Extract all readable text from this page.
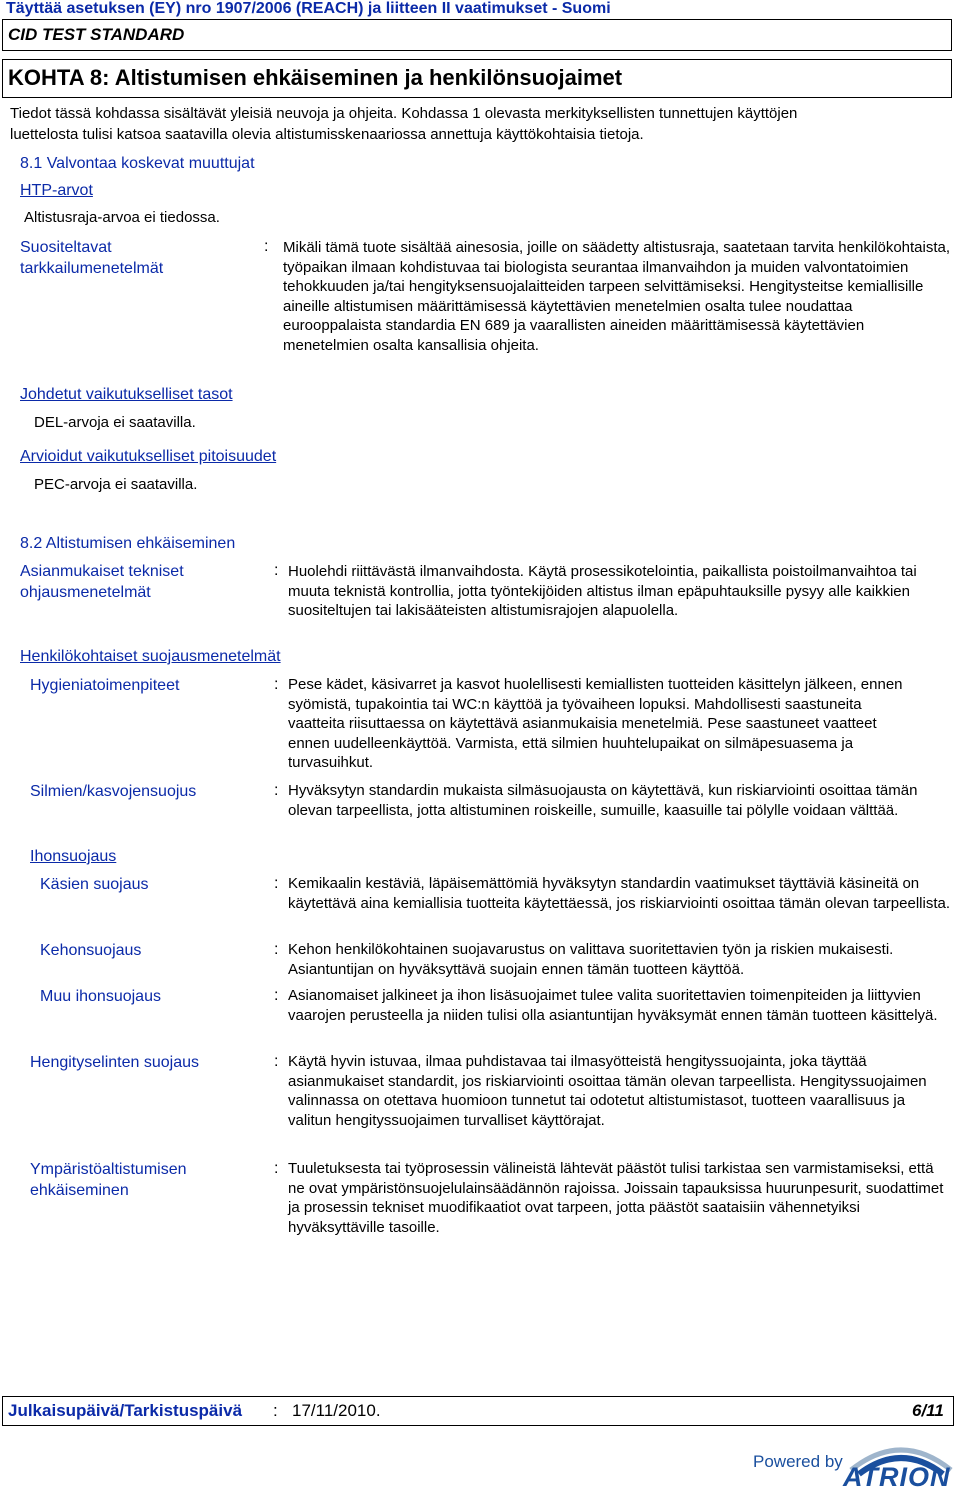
Täyttää asetuksen (EY) nro 1907/2006 (REACH) ja liitteen II vaatimukset - Suomi
CID TEST STANDARD
KOHTA 8: Altistumisen ehkäiseminen ja henkilönsuojaimet
Tiedot tässä kohdassa sisältävät yleisiä neuvoja ja ohjeita. Kohdassa 1 olevasta merkityksellisten tunnettujen käyttöjen
luettelosta tulisi katsoa saatavilla olevia altistumisskenaariossa annettuja käyttökohtaisia tietoja.
8.1 Valvontaa koskevat muuttujat
HTP-arvot
Altistusraja-arvoa ei tiedossa.
Suositeltavat tarkkailumenetelmät
: Mikäli tämä tuote sisältää ainesosia, joille on säädetty altistusraja, saatetaan tarvita henkilökohtaista, työpaikan ilmaan kohdistuvaa tai biologista seurantaa ilmanvaihdon ja muiden valvontatoimien tehokkuuden ja/tai hengityksensuojalaitteiden tarpeen selvittämiseksi. Hengitysteitse kemiallisille aineille altistumisen määrittämisessä käytettävien menetelmien osalta tulee noudattaa eurooppalaista standardia EN 689 ja vaarallisten aineiden määrittämisessä käytettävien menetelmien osalta kansallisia ohjeita.
Johdetut vaikutukselliset tasot
DEL-arvoja ei saatavilla.
Arvioidut vaikutukselliset pitoisuudet
PEC-arvoja ei saatavilla.
8.2 Altistumisen ehkäiseminen
Asianmukaiset tekniset ohjausmenetelmät
: Huolehdi riittävästä ilmanvaihdosta. Käytä prosessikotelointia, paikallista poistoilmanvaihtoa tai muuta teknistä kontrollia, jotta työntekijöiden altistus ilman epäpuhtauksille pysyy alle kaikkien suositeltujen tai lakisääteisten altistumisrajojen alapuolella.
Henkilökohtaiset suojausmenetelmät
Hygieniatoimenpiteet	: Pese kädet, käsivarret ja kasvot huolellisesti kemiallisten tuotteiden käsittelyn jälkeen, ennen syömistä, tupakointia tai WC:n käyttöä ja työvaiheen lopuksi. Mahdollisesti saastuneita vaatteita riisuttaessa on käytettävä asianmukaisia menetelmiä. Pese saastuneet vaatteet ennen uudelleenkäyttöä. Varmista, että silmien huuhtelupaikat on silmäpesuasema ja turvasuihkut.
Silmien/kasvojensuojus	: Hyväksytyn standardin mukaista silmäsuojausta on käytettävä, kun riskiarviointi osoittaa tämän olevan tarpeellista, jotta altistuminen roiskeille, sumuille, kaasuille tai pölylle voidaan välttää.
Ihonsuojaus
Käsien suojaus	: Kemikaalin kestäviä, läpäisemättömiä hyväksytyn standardin vaatimukset täyttäviä käsineitä on käytettävä aina kemiallisia tuotteita käytettäessä, jos riskiarviointi osoittaa tämän olevan tarpeellista.
Kehonsuojaus	: Kehon henkilökohtainen suojavarustus on valittava suoritettavien työn ja riskien mukaisesti. Asiantuntijan on hyväksyttävä suojain ennen tämän tuotteen käyttöä.
Muu ihonsuojaus	: Asianomaiset jalkineet ja ihon lisäsuojaimet tulee valita suoritettavien toimenpiteiden ja liittyvien vaarojen perusteella ja niiden tulisi olla asiantuntijan hyväksymät ennen tämän tuotteen käsittelyä.
Hengityselinten suojaus	: Käytä hyvin istuvaa, ilmaa puhdistavaa tai ilmasyötteistä hengityssuojainta, joka täyttää asianmukaiset standardit, jos riskiarviointi osoittaa tämän olevan tarpeellista. Hengityssuojaimen valinnassa on otettava huomioon tunnetut tai odotetut altistumistasot, tuotteen vaarallisuus ja valitun hengityssuojaimen turvalliset käyttörajat.
Ympäristöaltistumisen ehkäiseminen
: Tuuletuksesta tai työprosessin välineistä lähtevät päästöt tulisi tarkistaa sen varmistamiseksi, että ne ovat ympäristönsuojelulainsäädännön rajoissa. Joissain tapauksissa huurunpesurit, suodattimet ja prosessin tekniset muodifikaatiot ovat tarpeen, jotta päästöt saataisiin vähennetyiksi hyväksyttäville tasoille.
Julkaisupäivä/Tarkistuspäivä : 17/11/2010.	6/11
Powered by
ATRION
